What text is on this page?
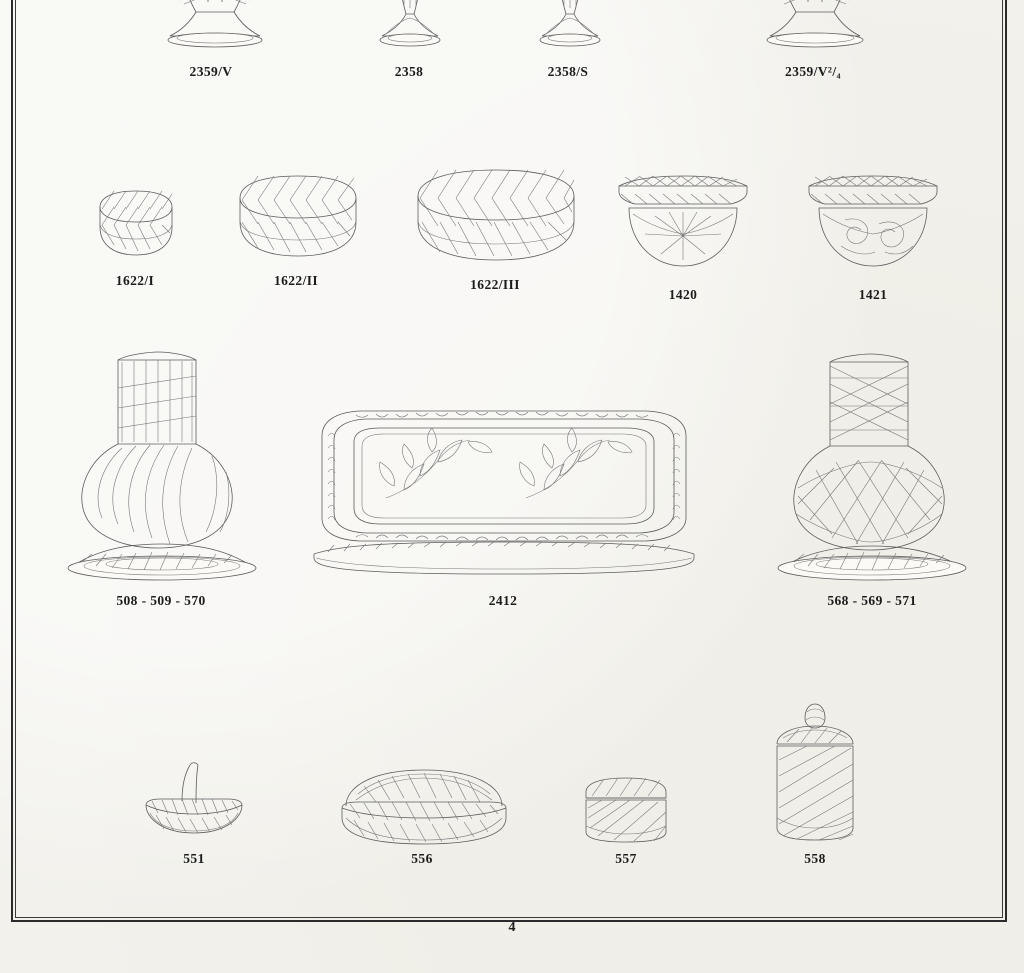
2359/V	2358	2358/S	2359/V²/₄
1622/I	1622/II	1622/III
1420	1421
508 - 509 - 570	2412	568 - 569 - 571
551	556	557	558
4
